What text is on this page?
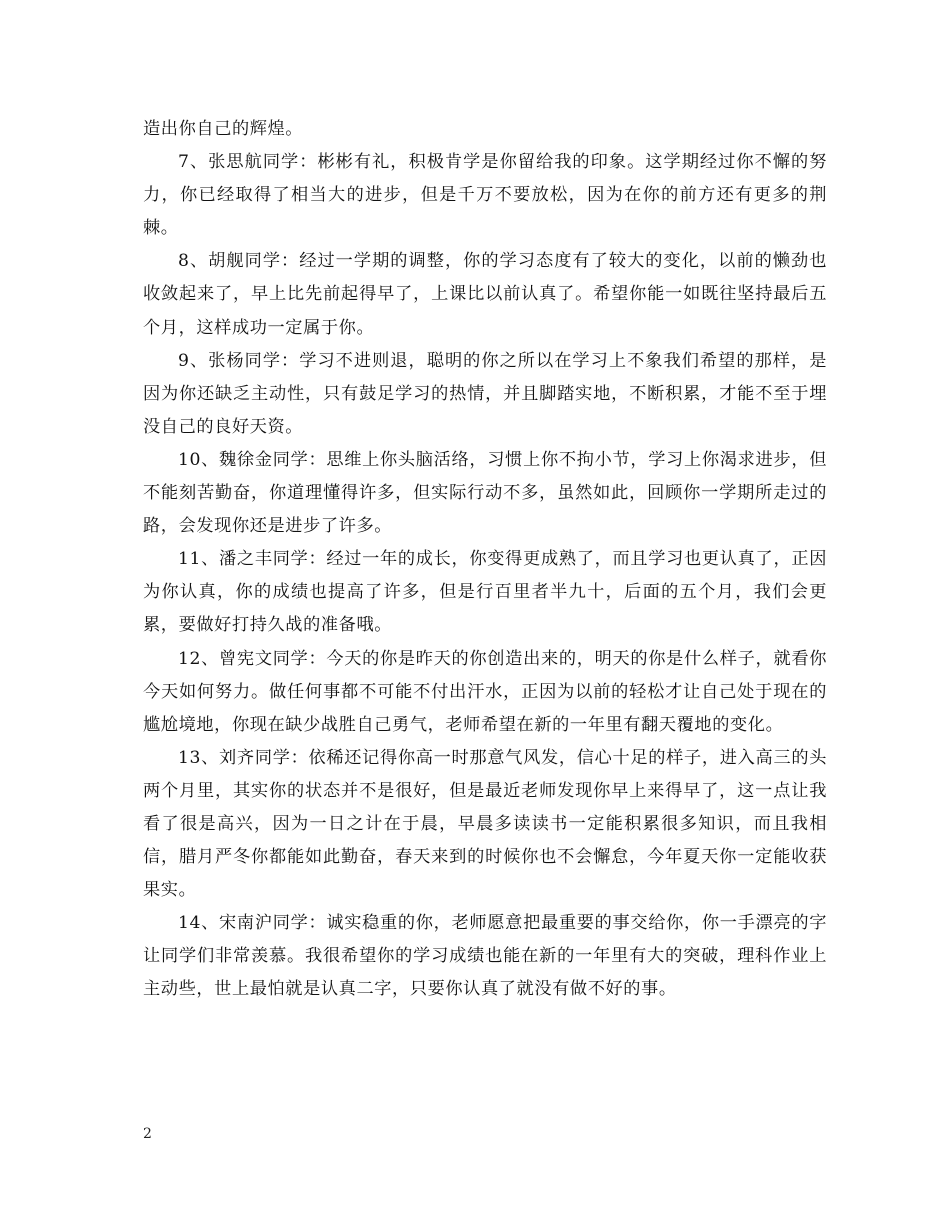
造出你自己的辉煌。

7、张思航同学：彬彬有礼，积极肯学是你留给我的印象。这学期经过你不懈的努力，你已经取得了相当大的进步，但是千万不要放松，因为在你的前方还有更多的荆棘。

8、胡舰同学：经过一学期的调整，你的学习态度有了较大的变化，以前的懒劲也收敛起来了，早上比先前起得早了，上课比以前认真了。希望你能一如既往坚持最后五个月，这样成功一定属于你。

9、张杨同学：学习不进则退，聪明的你之所以在学习上不象我们希望的那样，是因为你还缺乏主动性，只有鼓足学习的热情，并且脚踏实地，不断积累，才能不至于埋没自己的良好天资。

10、魏徐金同学：思维上你头脑活络，习惯上你不拘小节，学习上你渴求进步，但不能刻苦勤奋，你道理懂得许多，但实际行动不多，虽然如此，回顾你一学期所走过的路，会发现你还是进步了许多。

11、潘之丰同学：经过一年的成长，你变得更成熟了，而且学习也更认真了，正因为你认真，你的成绩也提高了许多，但是行百里者半九十，后面的五个月，我们会更累，要做好打持久战的准备哦。

12、曾宪文同学：今天的你是昨天的你创造出来的，明天的你是什么样子，就看你今天如何努力。做任何事都不可能不付出汗水，正因为以前的轻松才让自己处于现在的尴尬境地，你现在缺少战胜自己勇气，老师希望在新的一年里有翻天覆地的变化。

13、刘齐同学：依稀还记得你高一时那意气风发，信心十足的样子，进入高三的头两个月里，其实你的状态并不是很好，但是最近老师发现你早上来得早了，这一点让我看了很是高兴，因为一日之计在于晨，早晨多读读书一定能积累很多知识，而且我相信，腊月严冬你都能如此勤奋，春天来到的时候你也不会懈怠，今年夏天你一定能收获果实。

14、宋南沪同学：诚实稳重的你，老师愿意把最重要的事交给你，你一手漂亮的字让同学们非常羡慕。我很希望你的学习成绩也能在新的一年里有大的突破，理科作业上主动些，世上最怕就是认真二字，只要你认真了就没有做不好的事。

2
